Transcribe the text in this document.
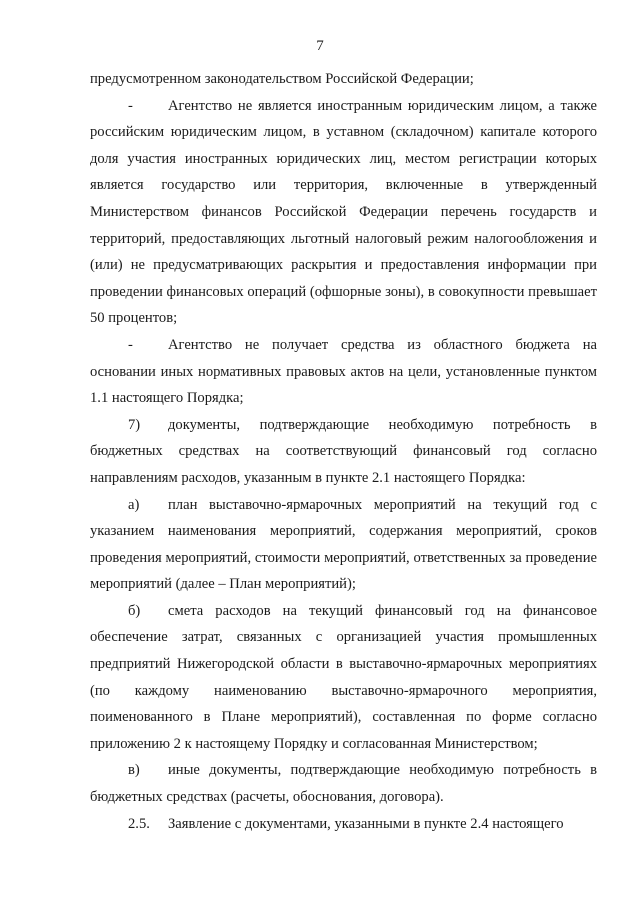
7

предусмотренном законодательством Российской Федерации;

- Агентство не является иностранным юридическим лицом, а также российским юридическим лицом, в уставном (складочном) капитале которого доля участия иностранных юридических лиц, местом регистрации которых является государство или территория, включенные в утвержденный Министерством финансов Российской Федерации перечень государств и территорий, предоставляющих льготный налоговый режим налогообложения и (или) не предусматривающих раскрытия и предоставления информации при проведении финансовых операций (офшорные зоны), в совокупности превышает 50 процентов;

- Агентство не получает средства из областного бюджета на основании иных нормативных правовых актов на цели, установленные пунктом 1.1 настоящего Порядка;

7) документы, подтверждающие необходимую потребность в бюджетных средствах на соответствующий финансовый год согласно направлениям расходов, указанным в пункте 2.1 настоящего Порядка:

а) план выставочно-ярмарочных мероприятий на текущий год с указанием наименования мероприятий, содержания мероприятий, сроков проведения мероприятий, стоимости мероприятий, ответственных за проведение мероприятий (далее – План мероприятий);

б) смета расходов на текущий финансовый год на финансовое обеспечение затрат, связанных с организацией участия промышленных предприятий Нижегородской области в выставочно-ярмарочных мероприятиях (по каждому наименованию выставочно-ярмарочного мероприятия, поименованного в Плане мероприятий), составленная по форме согласно приложению 2 к настоящему Порядку и согласованная Министерством;

в) иные документы, подтверждающие необходимую потребность в бюджетных средствах (расчеты, обоснования, договора).

2.5. Заявление с документами, указанными в пункте 2.4 настоящего
